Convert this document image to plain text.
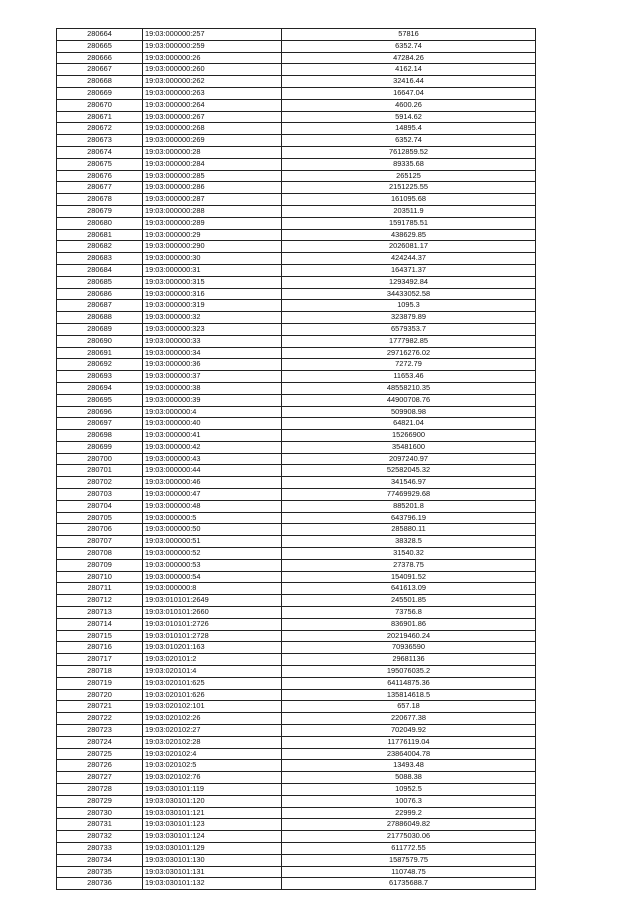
280664	19:03:000000:257	57816
280665	19:03:000000:259	6352.74
280666	19:03:000000:26	47284.26
280667	19:03:000000:260	4162.14
280668	19:03:000000:262	32416.44
280669	19:03:000000:263	16647.04
280670	19:03:000000:264	4600.26
280671	19:03:000000:267	5914.62
280672	19:03:000000:268	14895.4
280673	19:03:000000:269	6352.74
280674	19:03:000000:28	7612859.52
280675	19:03:000000:284	89335.68
280676	19:03:000000:285	265125
280677	19:03:000000:286	2151225.55
280678	19:03:000000:287	161095.68
280679	19:03:000000:288	203511.9
280680	19:03:000000:289	1591785.51
280681	19:03:000000:29	438629.85
280682	19:03:000000:290	2026081.17
280683	19:03:000000:30	424244.37
280684	19:03:000000:31	164371.37
280685	19:03:000000:315	1293492.84
280686	19:03:000000:316	34433052.58
280687	19:03:000000:319	1095.3
280688	19:03:000000:32	323879.89
280689	19:03:000000:323	6579353.7
280690	19:03:000000:33	1777982.85
280691	19:03:000000:34	29716276.02
280692	19:03:000000:36	7272.79
280693	19:03:000000:37	11653.46
280694	19:03:000000:38	48558210.35
280695	19:03:000000:39	44900708.76
280696	19:03:000000:4	509908.98
280697	19:03:000000:40	64821.04
280698	19:03:000000:41	15266900
280699	19:03:000000:42	35481600
280700	19:03:000000:43	2097240.97
280701	19:03:000000:44	52582045.32
280702	19:03:000000:46	341546.97
280703	19:03:000000:47	77469929.68
280704	19:03:000000:48	885201.8
280705	19:03:000000:5	643796.19
280706	19:03:000000:50	285880.11
280707	19:03:000000:51	38328.5
280708	19:03:000000:52	31540.32
280709	19:03:000000:53	27378.75
280710	19:03:000000:54	154091.52
280711	19:03:000000:8	641613.09
280712	19:03:010101:2649	245501.85
280713	19:03:010101:2660	73756.8
280714	19:03:010101:2726	836901.86
280715	19:03:010101:2728	20219460.24
280716	19:03:010201:163	70936590
280717	19:03:020101:2	29681136
280718	19:03:020101:4	195076035.2
280719	19:03:020101:625	64114875.36
280720	19:03:020101:626	135814618.5
280721	19:03:020102:101	657.18
280722	19:03:020102:26	220677.38
280723	19:03:020102:27	702049.92
280724	19:03:020102:28	11776119.04
280725	19:03:020102:4	23864004.78
280726	19:03:020102:5	13493.48
280727	19:03:020102:76	5088.38
280728	19:03:030101:119	10952.5
280729	19:03:030101:120	10076.3
280730	19:03:030101:121	22999.2
280731	19:03:030101:123	27886049.82
280732	19:03:030101:124	21775030.06
280733	19:03:030101:129	611772.55
280734	19:03:030101:130	1587579.75
280735	19:03:030101:131	110748.75
280736	19:03:030101:132	61735688.7
